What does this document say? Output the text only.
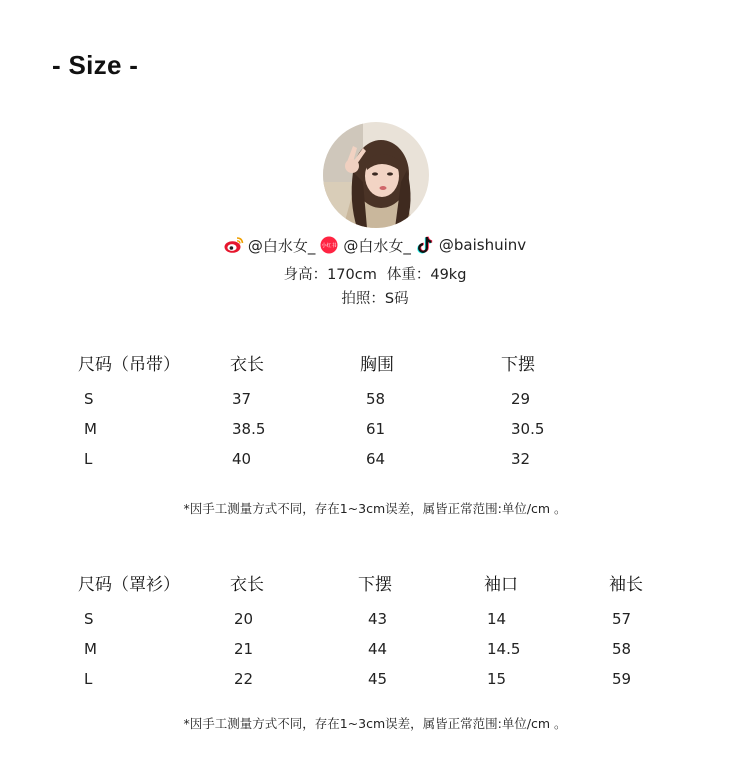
- Size -
@白水女_ 小红书 @白水女_ @baishuinv
身高：170cm 体重：49kg
拍照：S码
尺码（吊带）	衣长	胸围	下摆
S	37	58	29
M	38.5	61	30.5
L	40	64	32
*因手工测量方式不同，存在1~3cm误差，属皆正常范围:单位/cm 。
尺码（罩衫）	衣长	下摆	袖口	袖长
S	20	43	14	57
M	21	44	14.5	58
L	22	45	15	59
*因手工测量方式不同，存在1~3cm误差，属皆正常范围:单位/cm 。
